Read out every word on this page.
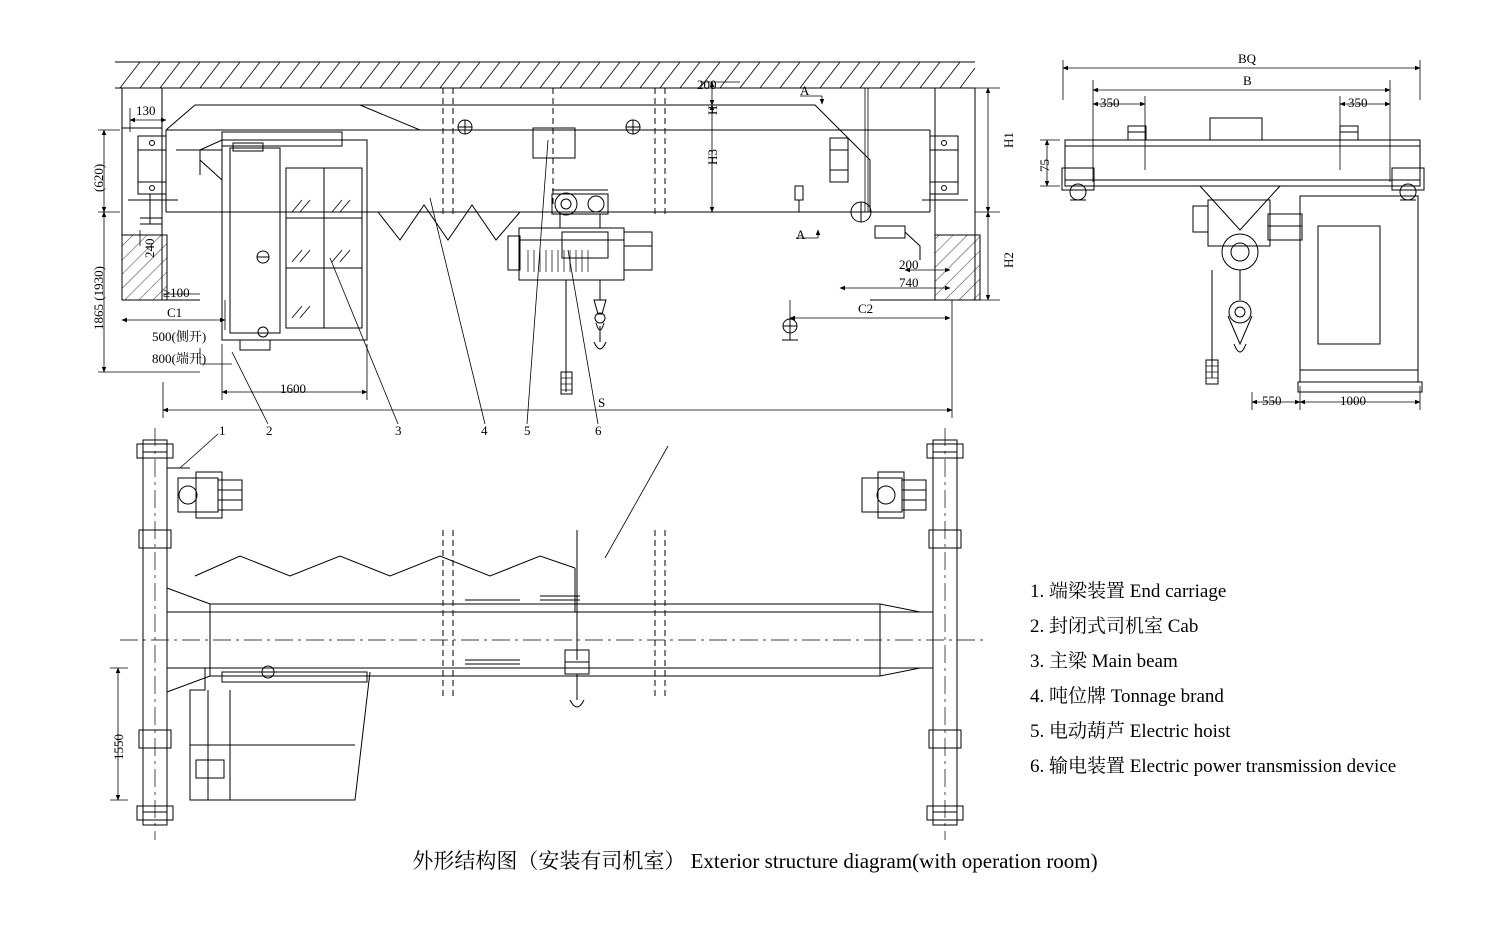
130
(620)
240
1865 (1930)	≥100
C1
500(侧开)
800(端开)
1600
S
200
H
H3
H1
H2
200
740
C2
A
A
BQ
B
350	350
75
550	1000
1550
1	2	3	4	5	6
1. 端梁装置 End carriage
2. 封闭式司机室 Cab
3. 主梁 Main beam
4. 吨位牌 Tonnage brand
5. 电动葫芦 Electric hoist
6. 输电装置 Electric power transmission device
外形结构图（安装有司机室） Exterior structure diagram(with operation room)
